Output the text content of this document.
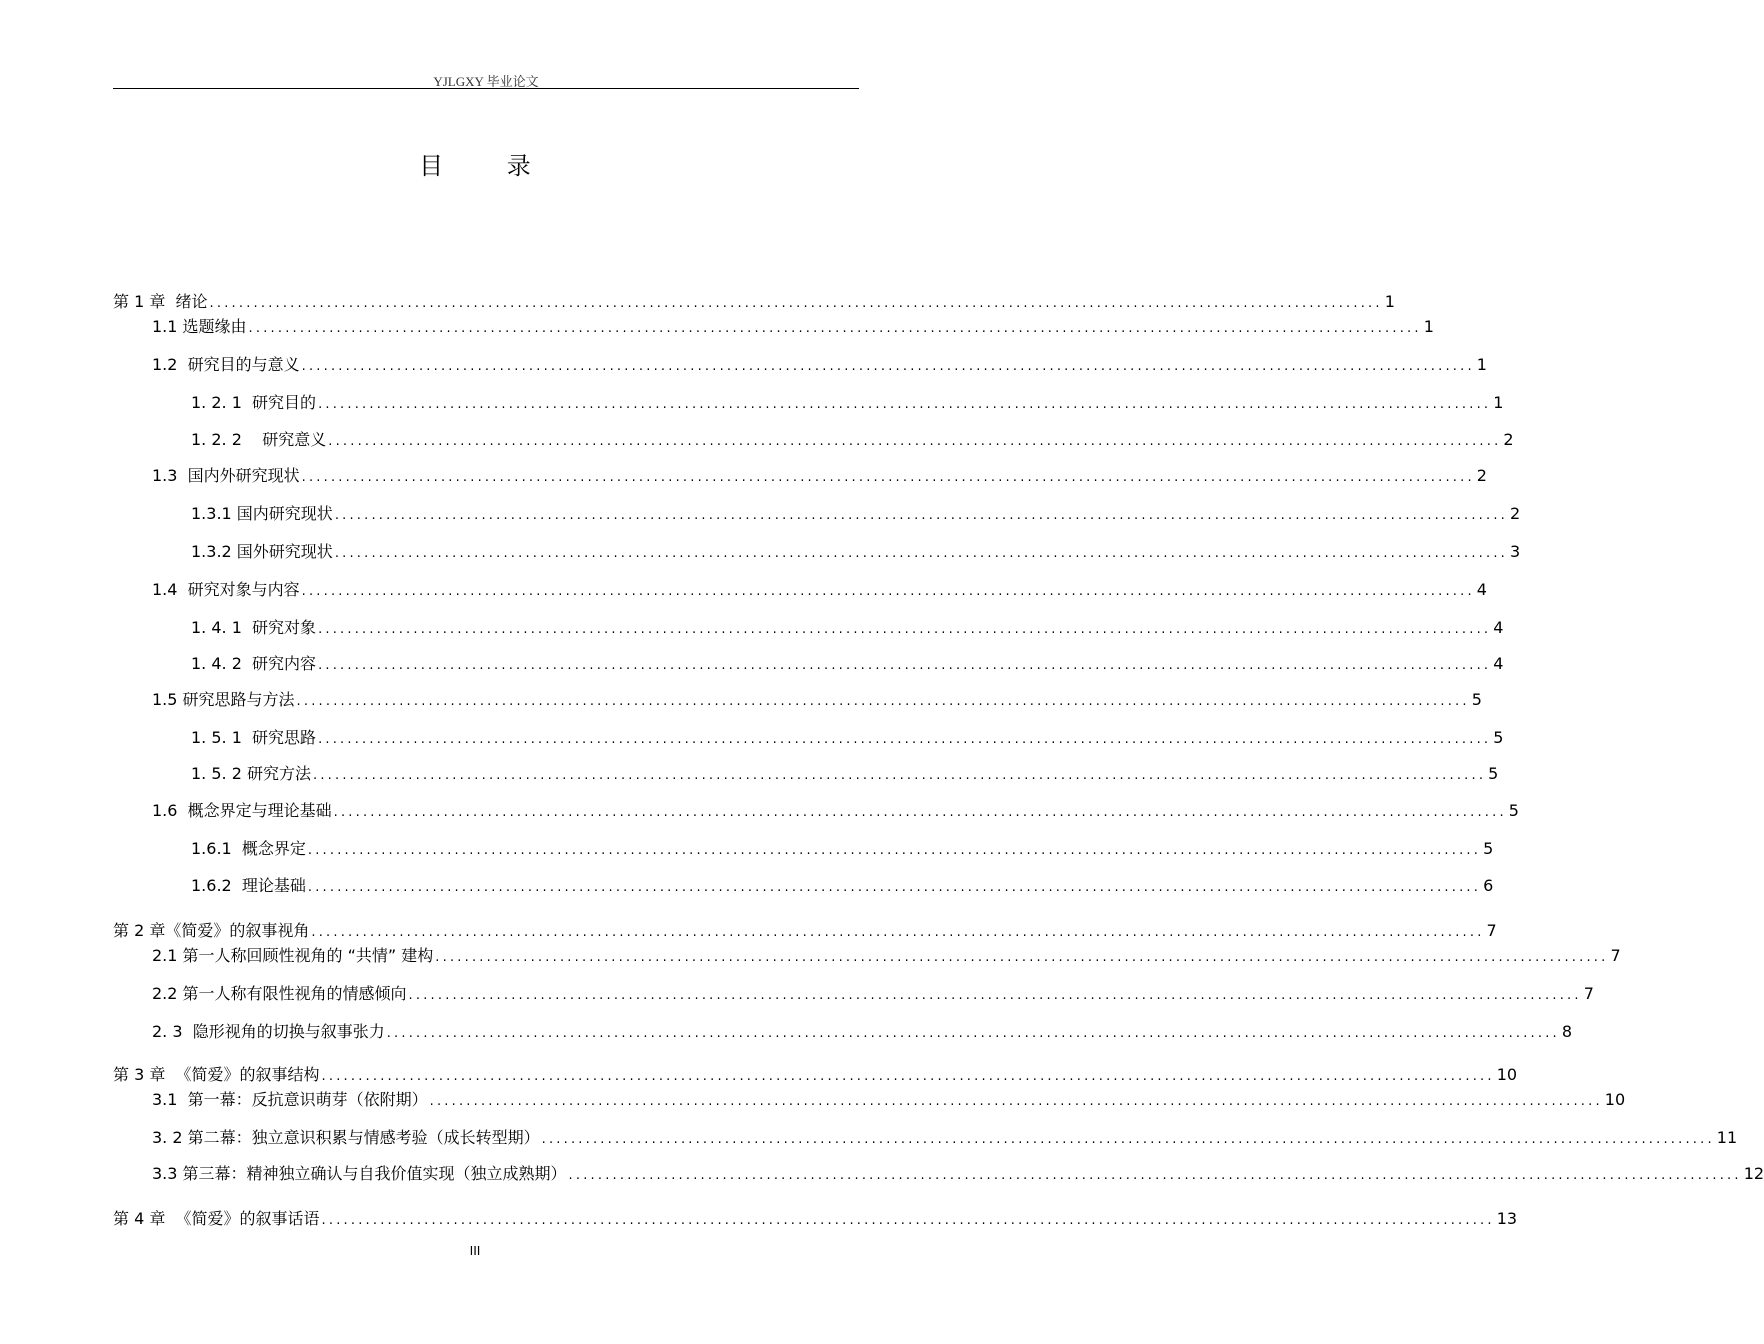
YJLGXY 毕业论文
目 录
第 1 章  绪论 ................................................................................................................................................................ 1
1.1 选题缘由 ................................................................................................................................................................ 1
1.2  研究目的与意义 ................................................................................................................................................................ 1
1. 2. 1  研究目的 ................................................................................................................................................................ 1
1. 2. 2    研究意义 ................................................................................................................................................................ 2
1.3  国内外研究现状 ................................................................................................................................................................ 2
1.3.1 国内研究现状 ................................................................................................................................................................ 2
1.3.2 国外研究现状 ................................................................................................................................................................ 3
1.4  研究对象与内容 ................................................................................................................................................................ 4
1. 4. 1  研究对象 ................................................................................................................................................................ 4
1. 4. 2  研究内容 ................................................................................................................................................................ 4
1.5 研究思路与方法 ................................................................................................................................................................ 5
1. 5. 1  研究思路 ................................................................................................................................................................ 5
1. 5. 2 研究方法 ................................................................................................................................................................ 5
1.6  概念界定与理论基础 ................................................................................................................................................................ 5
1.6.1  概念界定 ................................................................................................................................................................ 5
1.6.2  理论基础 ................................................................................................................................................................ 6
第 2 章《简爱》的叙事视角 ................................................................................................................................................................ 7
2.1 第一人称回顾性视角的 “共情” 建构 ................................................................................................................................................................ 7
2.2 第一人称有限性视角的情感倾向 ................................................................................................................................................................ 7
2. 3  隐形视角的切换与叙事张力 ................................................................................................................................................................ 8
第 3 章  《简爱》的叙事结构 ................................................................................................................................................................ 10
3.1  第一幕：反抗意识萌芽（依附期） ................................................................................................................................................................ 10
3. 2 第二幕：独立意识积累与情感考验（成长转型期） ................................................................................................................................................................ 11
3.3 第三幕：精神独立确认与自我价值实现（独立成熟期） ................................................................................................................................................................ 12
第 4 章  《简爱》的叙事话语 ................................................................................................................................................................ 13
III
